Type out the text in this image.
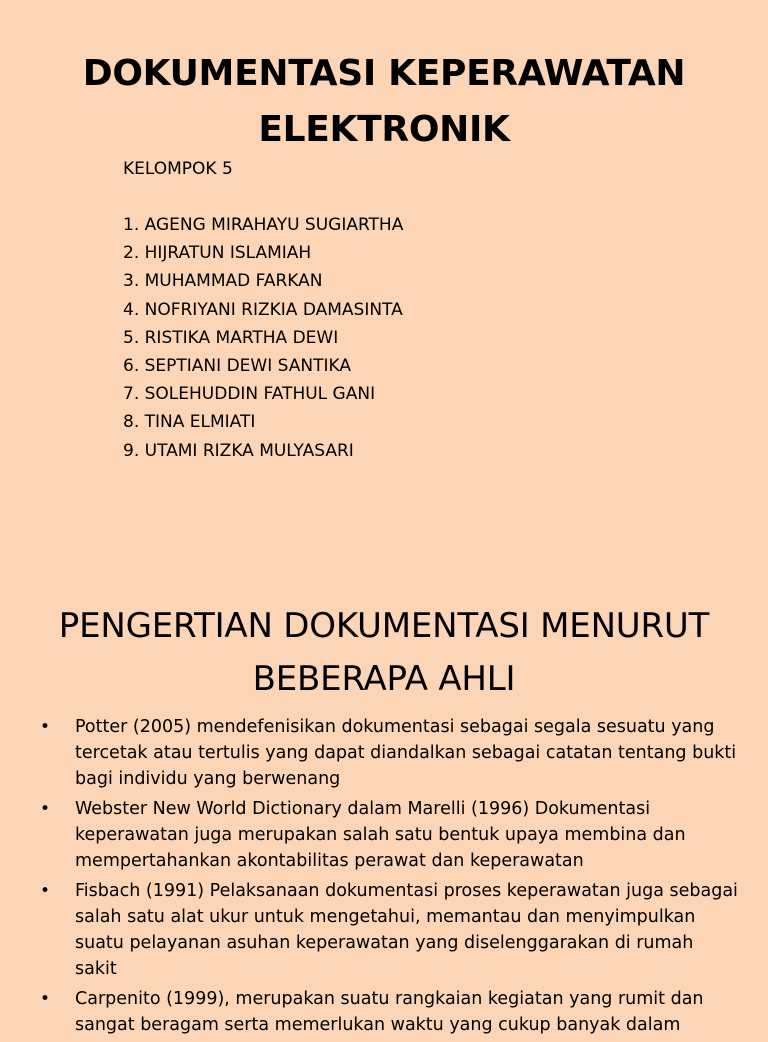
DOKUMENTASI KEPERAWATAN ELEKTRONIK
KELOMPOK 5
1. AGENG MIRAHAYU SUGIARTHA
2. HIJRATUN ISLAMIAH
3. MUHAMMAD FARKAN
4. NOFRIYANI RIZKIA DAMASINTA
5. RISTIKA MARTHA DEWI
6. SEPTIANI DEWI SANTIKA
7. SOLEHUDDIN FATHUL GANI
8. TINA ELMIATI
9. UTAMI RIZKA MULYASARI
PENGERTIAN DOKUMENTASI MENURUT BEBERAPA AHLI
• Potter (2005) mendefenisikan dokumentasi sebagai segala sesuatu yang tercetak atau tertulis yang dapat diandalkan sebagai catatan tentang bukti bagi individu yang berwenang
• Webster New World Dictionary dalam Marelli (1996) Dokumentasi keperawatan juga merupakan salah satu bentuk upaya membina dan mempertahankan akontabilitas perawat dan keperawatan
• Fisbach (1991) Pelaksanaan dokumentasi proses keperawatan juga sebagai salah satu alat ukur untuk mengetahui, memantau dan menyimpulkan suatu pelayanan asuhan keperawatan yang diselenggarakan di rumah sakit
• Carpenito (1999), merupakan suatu rangkaian kegiatan yang rumit dan sangat beragam serta memerlukan waktu yang cukup banyak dalam
